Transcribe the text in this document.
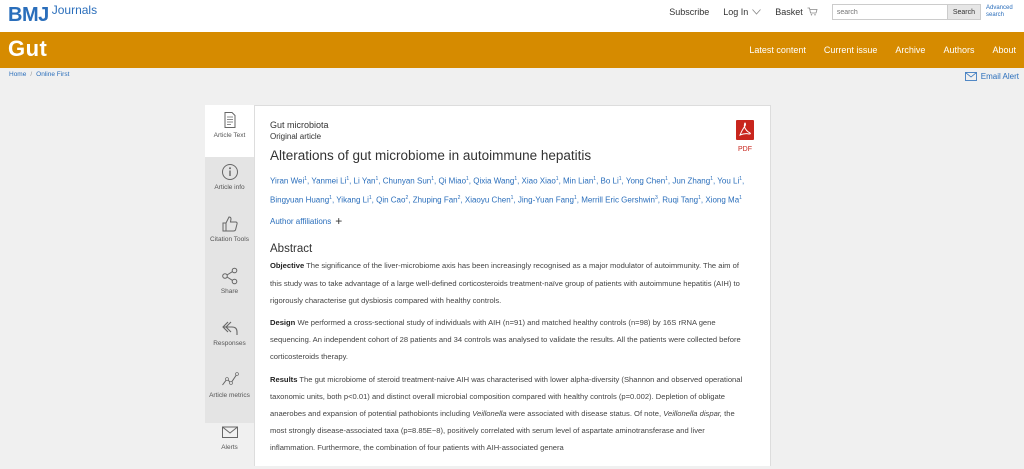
BMJ Journals	Subscribe Log In	Basket
search	Search
Advanced search
Gut	Latest content Current issue Archive Authors About
Home / Online First	Email Alert
Article Text
Article info
Citation Tools
Share
Responses
Article metrics
Alerts
PDF
Gut microbiota
Original article
Alterations of gut microbiome in autoimmune hepatitis
Yiran Wei$^1$, Yanmei Li$^1$, Li Yan$^1$, Chunyan Sun$^1$, Qi Miao$^1$, Qixia Wang$^1$, Xiao Xiao$^1$, Min Lian$^1$, Bo Li$^1$, Yong Chen$^1$, Jun Zhang$^1$, You Li$^1$, Bingyuan Huang$^1$, Yikang Li$^1$, Qin Cao$^2$, Zhuping Fan$^2$, Xiaoyu Chen$^1$, Jing-Yuan Fang$^1$, Merrill Eric Gershwin$^3$, Ruqi Tang$^1$, Xiong Ma$^1$
Author affiliations +
Abstract

Objective The significance of the liver-microbiome axis has been increasingly recognised as a major modulator of autoimmunity. The aim of this study was to take advantage of a large well-defined corticosteroids treatment-naïve group of patients with autoimmune hepatitis (AIH) to rigorously characterise gut dysbiosis compared with healthy controls.

Design We performed a cross-sectional study of individuals with AIH (n=91) and matched healthy controls (n=98) by 16S rRNA gene sequencing. An independent cohort of 28 patients and 34 controls was analysed to validate the results. All the patients were collected before corticosteroids therapy.

Results The gut microbiome of steroid treatment-naive AIH was characterised with lower alpha-diversity (Shannon and observed operational taxonomic units, both p<0.01) and distinct overall microbial composition compared with healthy controls (p=0.002). Depletion of obligate anaerobes and expansion of potential pathobionts including Veillonella were associated with disease status. Of note, Veillonella dispar, the most strongly disease-associated taxa (p=8.85E−8), positively correlated with serum level of aspartate aminotransferase and liver inflammation. Furthermore, the combination of four patients with AIH-associated genera
